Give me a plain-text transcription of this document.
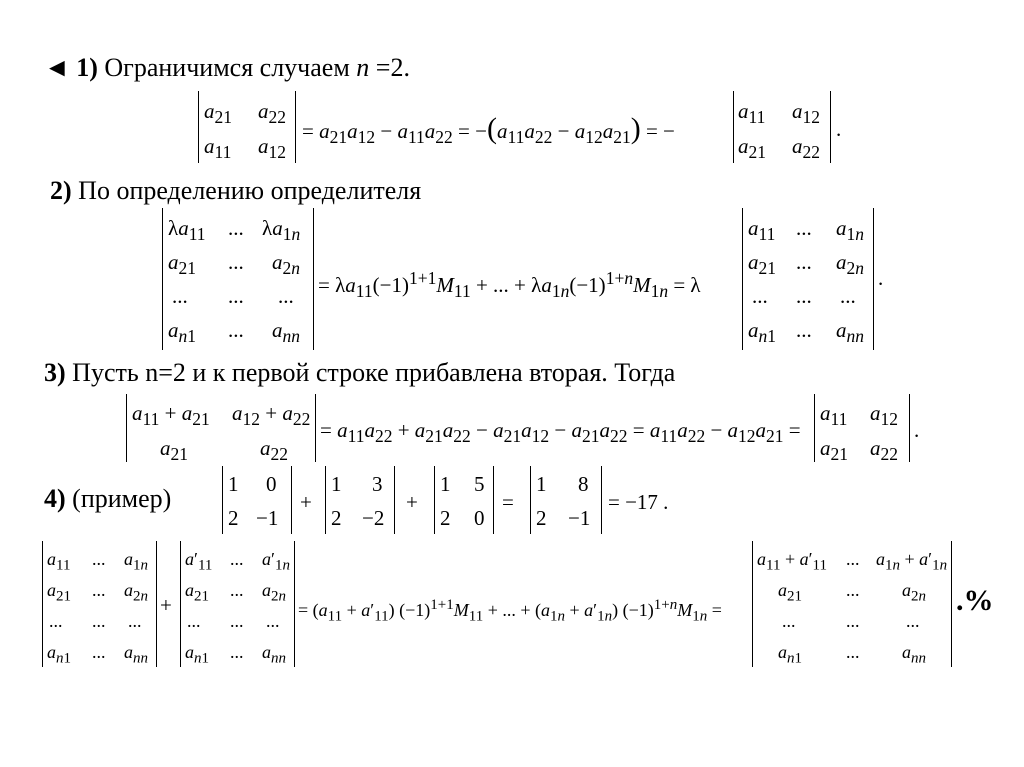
◄ 1) Ограничимся случаем n =2.
$a_{21}$ $a_{22}$
$a_{11}$ $a_{12}$
= $a_{21}a_{12} - a_{11}a_{22} = -(a_{11}a_{22} - a_{12}a_{21})$ = −
$a_{11}$ $a_{12}$
$a_{21}$ $a_{22}$
.
2) По определению определителя
$\lambda a_{11}$ ... $\lambda a_{1n}$
$a_{21}$ ... $a_{2n}$
... ... ...
$a_{n1}$ ... $a_{nn}$
= $\lambda a_{11}(-1)^{1+1}M_{11}$ + ... + $\lambda a_{1n}(-1)^{1+n}M_{1n} = \lambda$
$a_{11}$ ... $a_{1n}$
$a_{21}$ ... $a_{2n}$
... ... ...
$a_{n1}$ ... $a_{nn}$
.
3) Пусть n=2 и к первой строке прибавлена вторая. Тогда
$a_{11} + a_{21}$ $a_{12} + a_{22}$
$a_{21}$	$a_{22}$
= $a_{11}a_{22} + a_{21}a_{22} - a_{21}a_{12} - a_{21}a_{22} = a_{11}a_{22} - a_{12}a_{21}$ =
$a_{11}$ $a_{12}$
$a_{21}$ $a_{22}$
.
4) (пример)	1 0
2 −1
+
1 3
2 −2
+
1 5
2 0
=
1 8
2 −1
= −17 .
$a_{11}$ ... $a_{1n}$
$a_{21}$ ... $a_{2n}$
... ... ...
$a_{n1}$ ... $a_{nn}$
+
$a'_{11}$ ... $a'_{1n}$
$a_{21}$ ... $a_{2n}$
... ... ...
$a_{n1}$ ... $a_{nn}$
= $(a_{11} + a'_{11}) (-1)^{1+1}M_{11}$ + ... + $(a_{1n} + a'_{1n}) (-1)^{1+n}M_{1n}$ =
$a_{11} + a'_{11}$ ... $a_{1n} + a'_{1n}$
$a_{21}$ ... $a_{2n}$
...	...	...
$a_{n1}$ ... $a_{nn}$
.%
